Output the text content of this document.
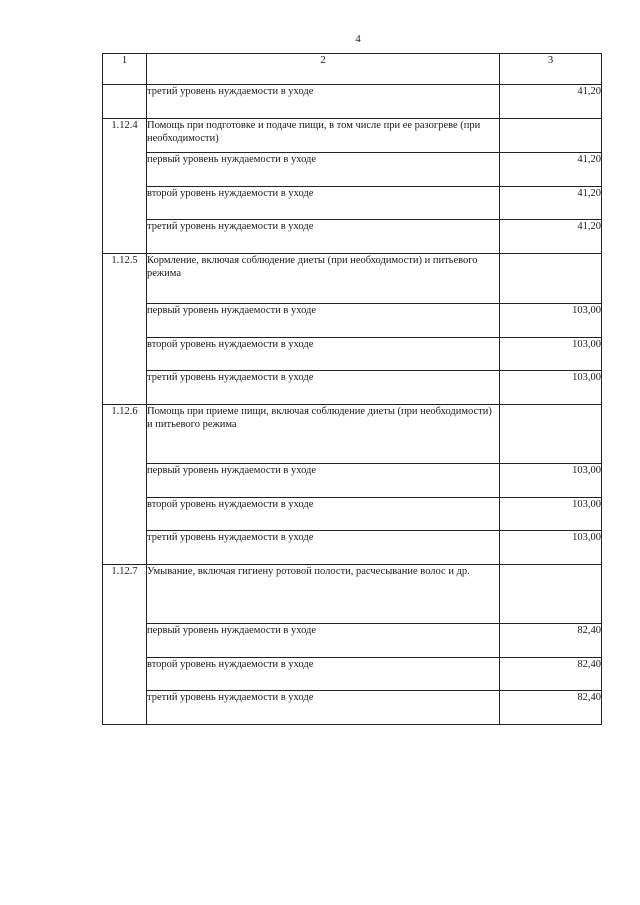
4
1	2	3
	третий уровень нуждаемости в уходе	41,20
1.12.4	Помощь при подготовке и подаче пищи, в том числе при ее разогреве (при необходимости)	
	первый уровень нуждаемости в уходе	41,20
	второй уровень нуждаемости в уходе	41,20
	третий уровень нуждаемости в уходе	41,20
1.12.5	Кормление, включая соблюдение диеты (при необходимости) и питьевого режима	
	первый уровень нуждаемости в уходе	103,00
	второй уровень нуждаемости в уходе	103,00
	третий уровень нуждаемости в уходе	103,00
1.12.6	Помощь при приеме пищи, включая соблюдение диеты (при необходимости) и питьевого режима	
	первый уровень нуждаемости в уходе	103,00
	второй уровень нуждаемости в уходе	103,00
	третий уровень нуждаемости в уходе	103,00
1.12.7	Умывание, включая гигиену ротовой полости, расчесывание волос и др.	
	первый уровень нуждаемости в уходе	82,40
	второй уровень нуждаемости в уходе	82,40
	третий уровень нуждаемости в уходе	82,40
